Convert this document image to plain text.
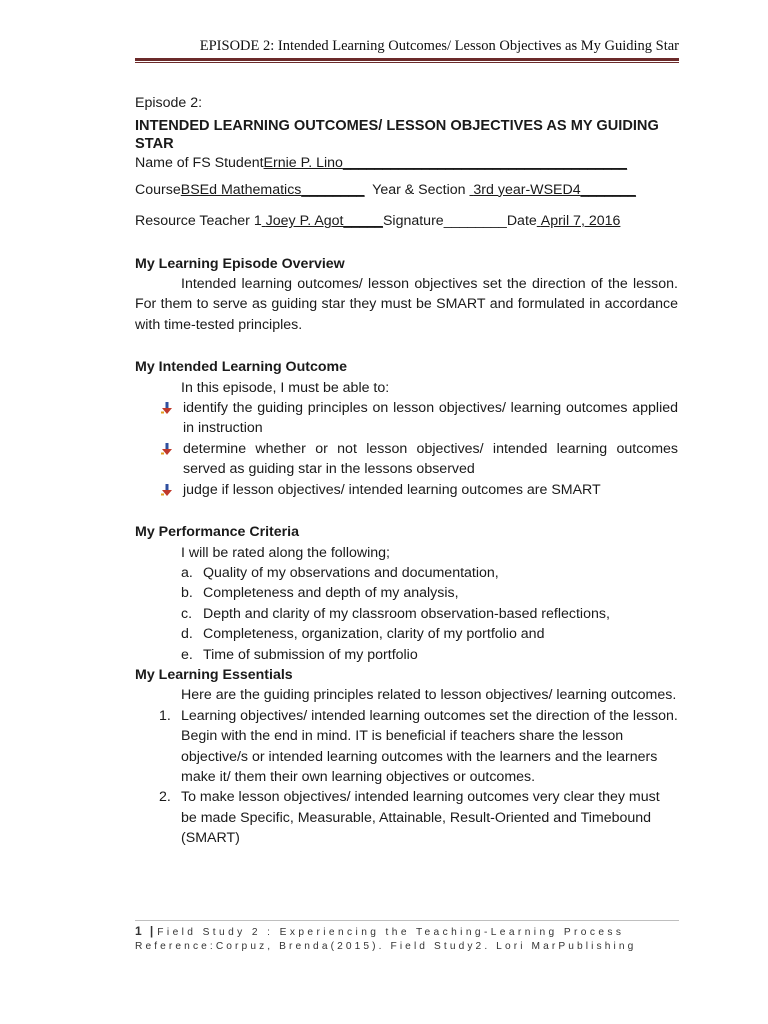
EPISODE 2: Intended Learning Outcomes/ Lesson Objectives as My Guiding Star

Episode 2:

INTENDED LEARNING OUTCOMES/ LESSON OBJECTIVES AS MY GUIDING STAR

Name of FS StudentErnie P. Lino____________________________________

CourseBSEd Mathematics________ Year & Section  3rd year-WSED4_______

Resource Teacher 1 Joey P. Agot_____Signature________Date April 7, 2016

My Learning Episode Overview

Intended learning outcomes/ lesson objectives set the direction of the lesson. For them to serve as guiding star they must be SMART and formulated in accordance with time-tested principles.

My Intended Learning Outcome

In this episode, I must be able to:

identify the guiding principles on lesson objectives/ learning outcomes applied in instruction
determine whether or not lesson objectives/ intended learning outcomes served as guiding star in the lessons observed
judge if lesson objectives/ intended learning outcomes are SMART

My Performance Criteria

I will be rated along the following;

a. Quality of my observations and documentation,
b. Completeness and depth of my analysis,
c. Depth and clarity of my classroom observation-based reflections,
d. Completeness, organization, clarity of my portfolio and
e. Time of submission of my portfolio

My Learning Essentials

Here are the guiding principles related to lesson objectives/ learning outcomes.

1. Learning objectives/ intended learning outcomes set the direction of the lesson. Begin with the end in mind. IT is beneficial if teachers share the lesson objective/s or intended learning outcomes with the learners and the learners make it/ them their own learning objectives or outcomes.
2. To make lesson objectives/ intended learning outcomes very clear they must be made Specific, Measurable, Attainable, Result-Oriented and Timebound (SMART)
1 | Field Study 2 : Experiencing the Teaching-Learning Process
Reference:Corpuz, Brenda(2015). Field Study2. Lori MarPublishing
